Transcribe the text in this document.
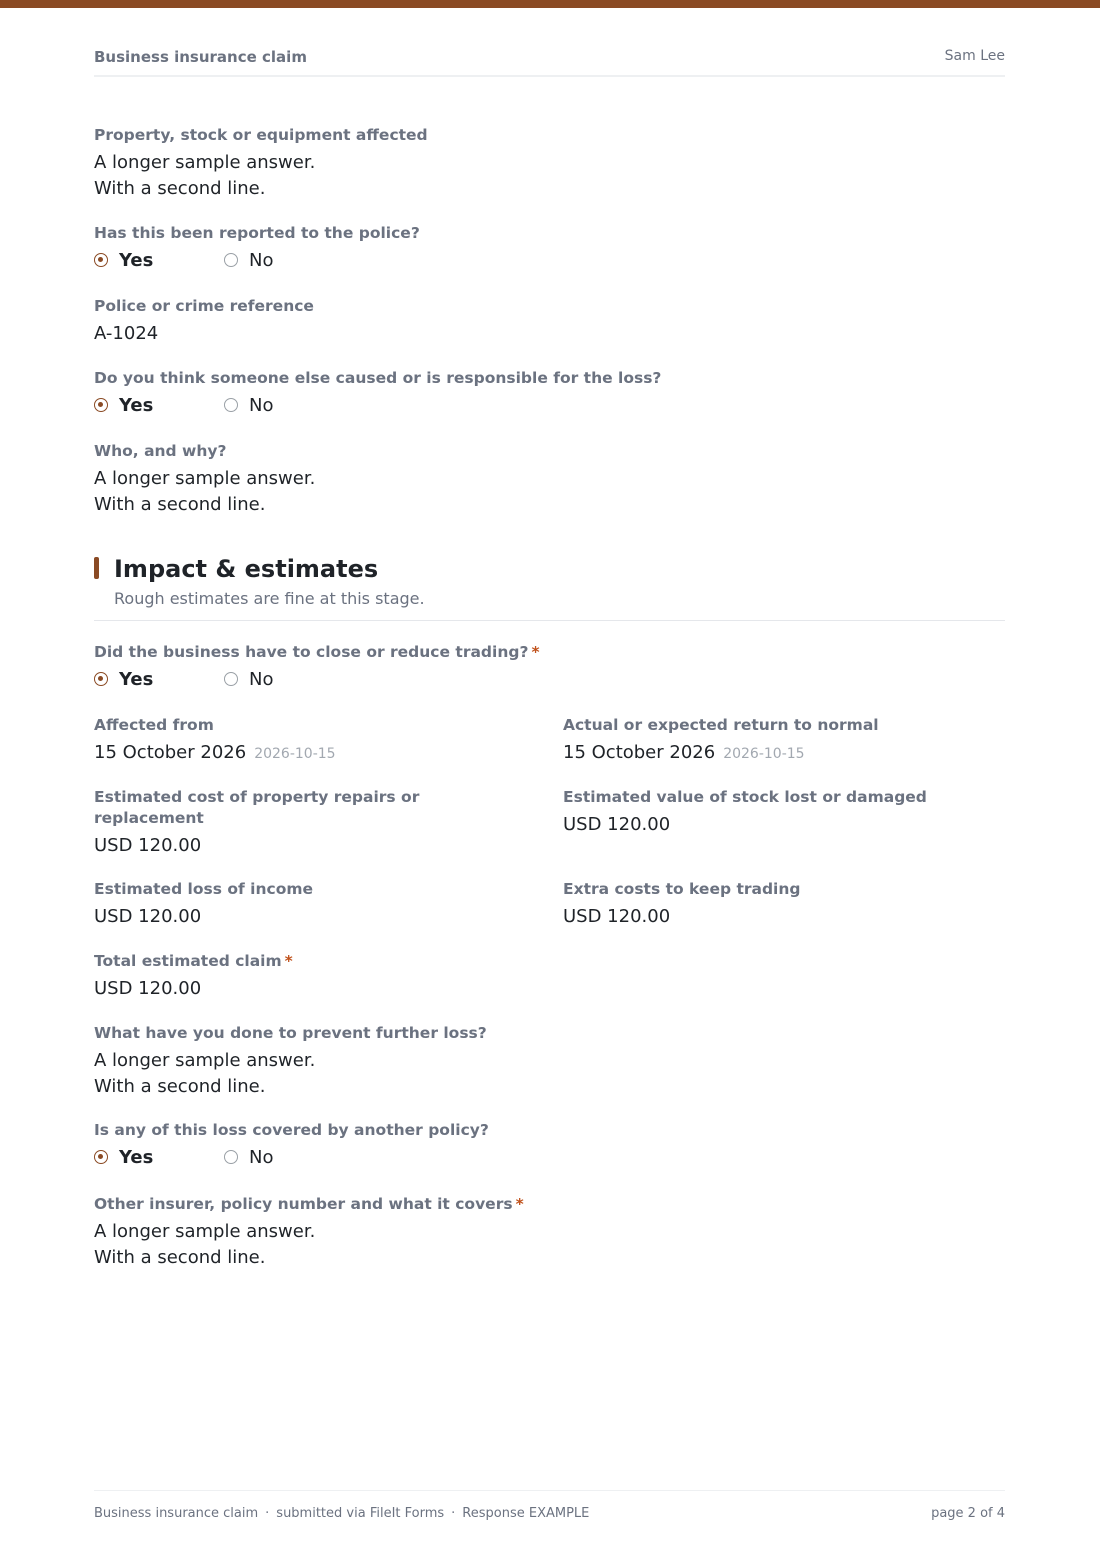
Business insurance claim	Sam Lee
Property, stock or equipment affected
A longer sample answer.
With a second line.
Has this been reported to the police?
Yes	No
Police or crime reference
A-1024
Do you think someone else caused or is responsible for the loss?
Yes	No
Who, and why?
A longer sample answer.
With a second line.
Impact & estimates
Rough estimates are fine at this stage.
Did the business have to close or reduce trading? *
Yes	No
Affected from
15 October 2026 2026-10-15
Actual or expected return to normal
15 October 2026 2026-10-15
Estimated cost of property repairs or replacement
USD 120.00
Estimated value of stock lost or damaged
USD 120.00
Estimated loss of income
USD 120.00
Extra costs to keep trading
USD 120.00
Total estimated claim *
USD 120.00
What have you done to prevent further loss?
A longer sample answer.
With a second line.
Is any of this loss covered by another policy?
Yes	No
Other insurer, policy number and what it covers *
A longer sample answer.
With a second line.
Business insurance claim · submitted via FileIt Forms · Response EXAMPLE	page 2 of 4
